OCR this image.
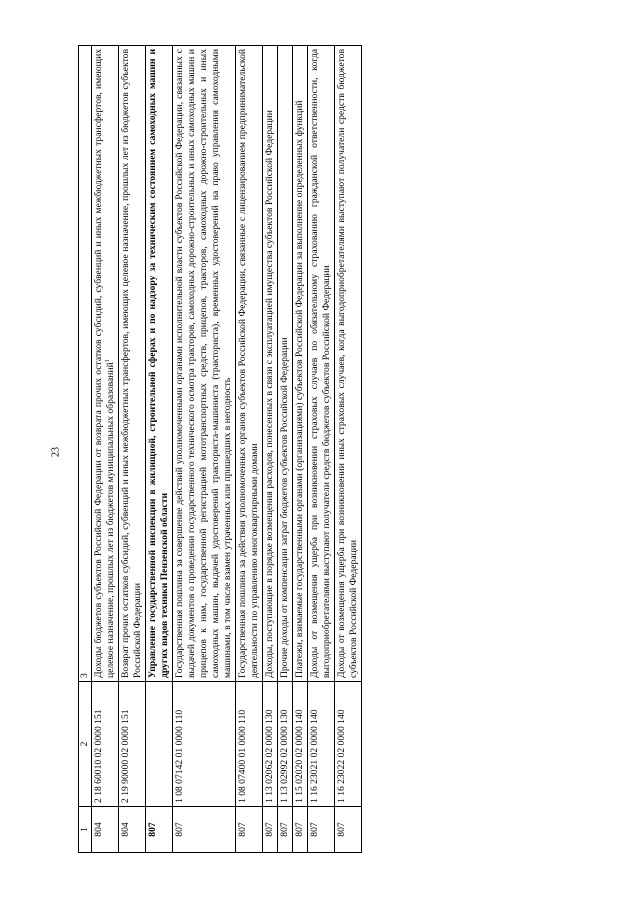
23
1	2	3
804	2 18 60010 02 0000 151	Доходы бюджетов субъектов Российской Федерации от возврата прочих остатков субсидий, субвенций и иных межбюджетных трансфертов, имеющих целевое назначение, прошлых лет из бюджетов муниципальных образований$^1$
804	2 19 90000 02 0000 151	Возврат прочих остатков субсидий, субвенций и иных межбюджетных трансфертов, имеющих целевое назначение, прошлых лет из бюджетов субъектов Российской Федерации
807		Управление государственной инспекции в жилищной, строительной сферах и по надзору за техническим состоянием самоходных машин и других видов техники Пензенской области
807	1 08 07142 01 0000 110	Государственная пошлина за совершение действий уполномоченными органами исполнительной власти субъектов Российской Федерации, связанных с выдачей документов о проведении государственного технического осмотра тракторов, самоходных дорожно-строительных и иных самоходных машин и прицепов к ним, государственной регистрацией мототранспортных средств, прицепов, тракторов, самоходных дорожно-строительных и иных самоходных машин, выдачей удостоверений тракториста-машиниста (тракториста), временных удостоверений на право управления самоходными машинами, в том числе взамен утраченных или пришедших в негодность
807	1 08 07400 01 0000 110	Государственная пошлина за действия уполномоченных органов субъектов Российской Федерации, связанные с лицензированием предпринимательской деятельности по управлению многоквартирными домами
807	1 13 02062 02 0000 130	Доходы, поступающие в порядке возмещения расходов, понесенных в связи с эксплуатацией имущества субъектов Российской Федерации
807	1 13 02992 02 0000 130	Прочие доходы от компенсации затрат бюджетов субъектов Российской Федерации
807	1 15 02020 02 0000 140	Платежи, взимаемые государственными органами (организациями) субъектов Российской Федерации за выполнение определенных функций
807	1 16 23021 02 0000 140	Доходы от возмещения ущерба при возникновении страховых случаев по обязательному страхованию гражданской ответственности, когда выгодоприобретателями выступают получатели средств бюджетов субъектов Российской Федерации
807	1 16 23022 02 0000 140	Доходы от возмещения ущерба при возникновении иных страховых случаев, когда выгодоприобретателями выступают получатели средств бюджетов субъектов Российской Федерации
